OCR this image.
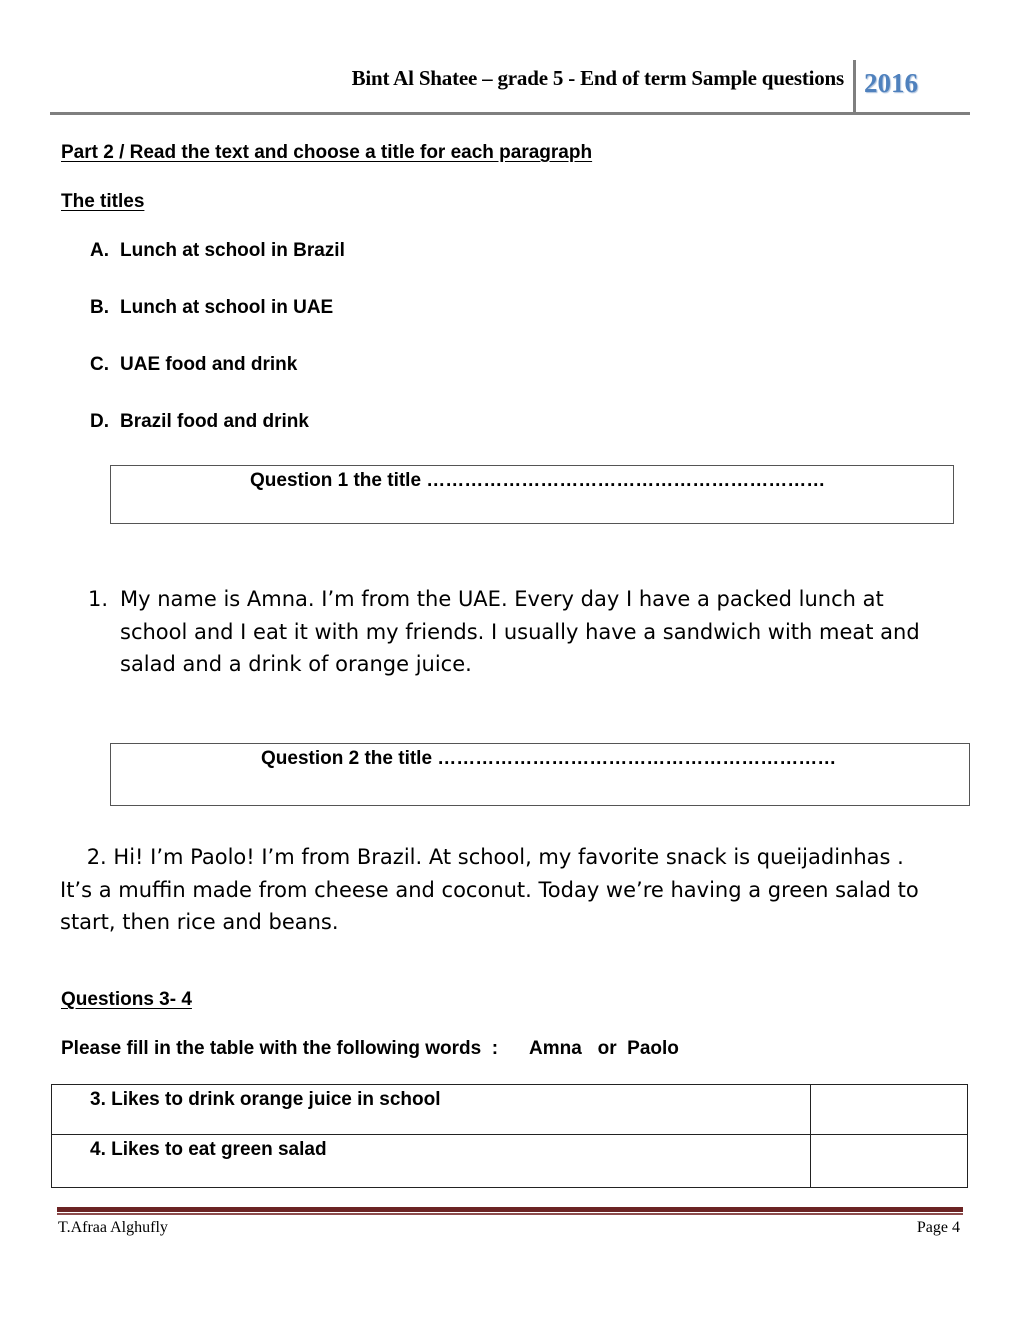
Bint Al Shatee – grade 5 - End of term Sample questions 2016
Part 2 / Read the text and choose a title for each paragraph
The titles
A. Lunch at school in Brazil
B. Lunch at school in UAE
C. UAE food and drink
D. Brazil food and drink
Question 1 the title ………………………………………………………
1. My name is Amna. I’m from the UAE. Every day I have a packed lunch at
school and I eat it with my friends. I usually have a sandwich with meat and
salad and a drink of orange juice.
Question 2 the title ………………………………………………………
2. Hi! I’m Paolo! I’m from Brazil. At school, my favorite snack is queijadinhas .
It’s a muffin made from cheese and coconut. Today we’re having a green salad to
start, then rice and beans.
Questions 3- 4
Please fill in the table with the following words  :      Amna   or  Paolo
3. Likes to drink orange juice in school	
4. Likes to eat green salad	
T.Afraa Alghufly	Page 4
